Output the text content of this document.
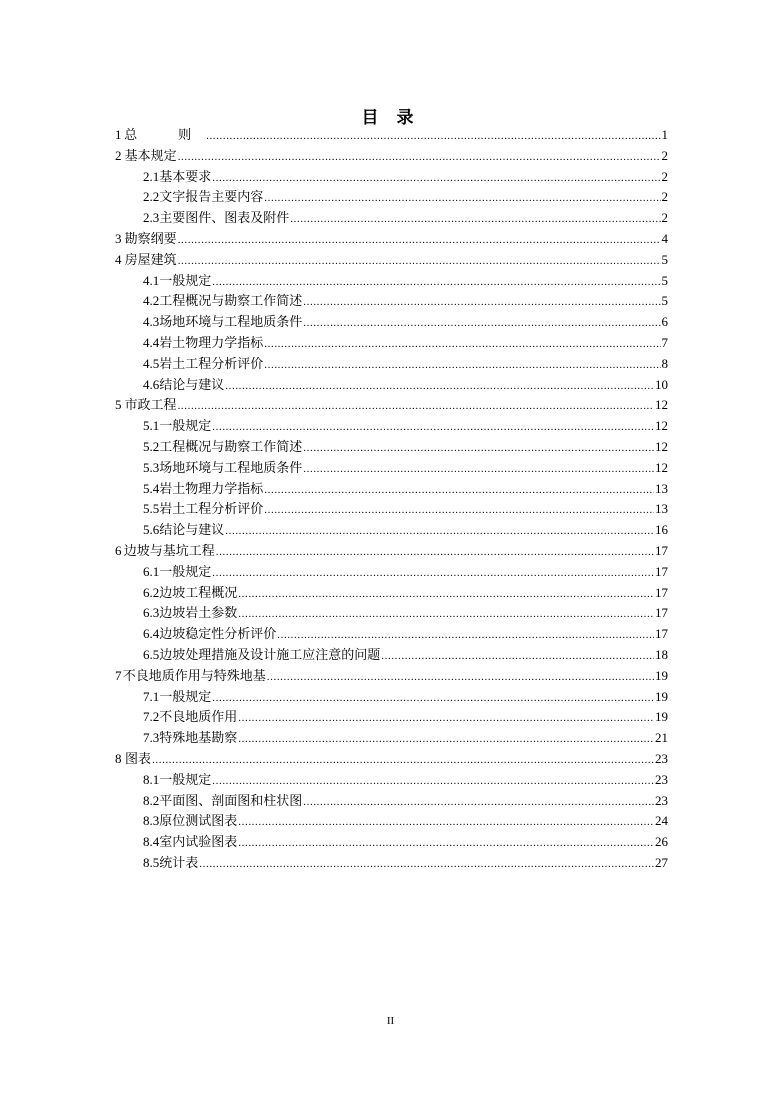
目 录
1 总　则 .....	1
2 基本规定 .....	2
2.1 基本要求 .....	2
2.2 文字报告主要内容 .....	2
2.3 主要图件、图表及附件 .....	2
3 勘察纲要 .....	4
4 房屋建筑 .....	5
4.1 一般规定 .....	5
4.2 工程概况与勘察工作简述 .....	5
4.3 场地环境与工程地质条件 .....	6
4.4 岩土物理力学指标 .....	7
4.5 岩土工程分析评价 .....	8
4.6 结论与建议 .....	10
5 市政工程 .....	12
5.1 一般规定 .....	12
5.2 工程概况与勘察工作简述 .....	12
5.3 场地环境与工程地质条件 .....	12
5.4 岩土物理力学指标 .....	13
5.5 岩土工程分析评价 .....	13
5.6 结论与建议 .....	16
6 边坡与基坑工程 .....	17
6.1 一般规定 .....	17
6.2 边坡工程概况 .....	17
6.3 边坡岩土参数 .....	17
6.4 边坡稳定性分析评价 .....	17
6.5 边坡处理措施及设计施工应注意的问题 .....	18
7 不良地质作用与特殊地基 .....	19
7.1 一般规定 .....	19
7.2 不良地质作用 .....	19
7.3 特殊地基勘察 .....	21
8 图表 .....	23
8.1 一般规定 .....	23
8.2 平面图、剖面图和柱状图 .....	23
8.3 原位测试图表 .....	24
8.4 室内试验图表 .....	26
8.5 统计表 .....	27
II
